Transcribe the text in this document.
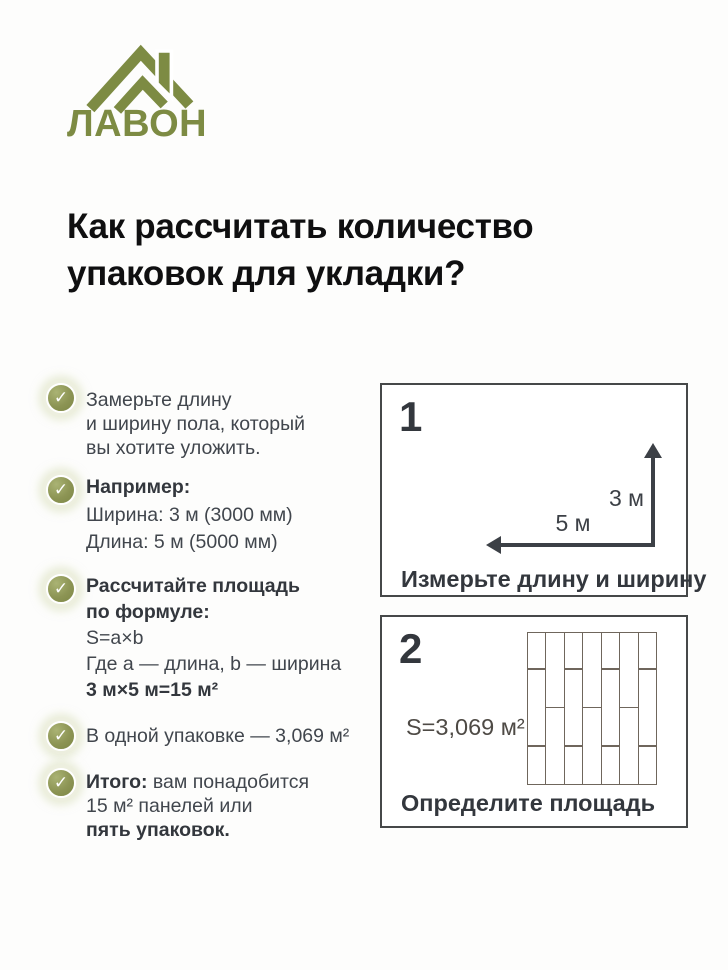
ЛАВОН
Как рассчитать количество
упаковок для укладки?
✓
✓
✓
✓
✓
Замерьте длину
и ширину пола, который
вы хотите уложить.
Например:
Ширина: 3 м (3000 мм)
Длина: 5 м (5000 мм)
Рассчитайте площадь
по формуле:
S=a×b
Где a — длина, b — ширина
3 м×5 м=15 м²
В одной упаковке — 3,069 м²
Итого: вам понадобится
15 м² панелей или
пять упаковок.
1
3 м
5 м
Измерьте длину и ширину
2
S=3,069 м²
Определите площадь
